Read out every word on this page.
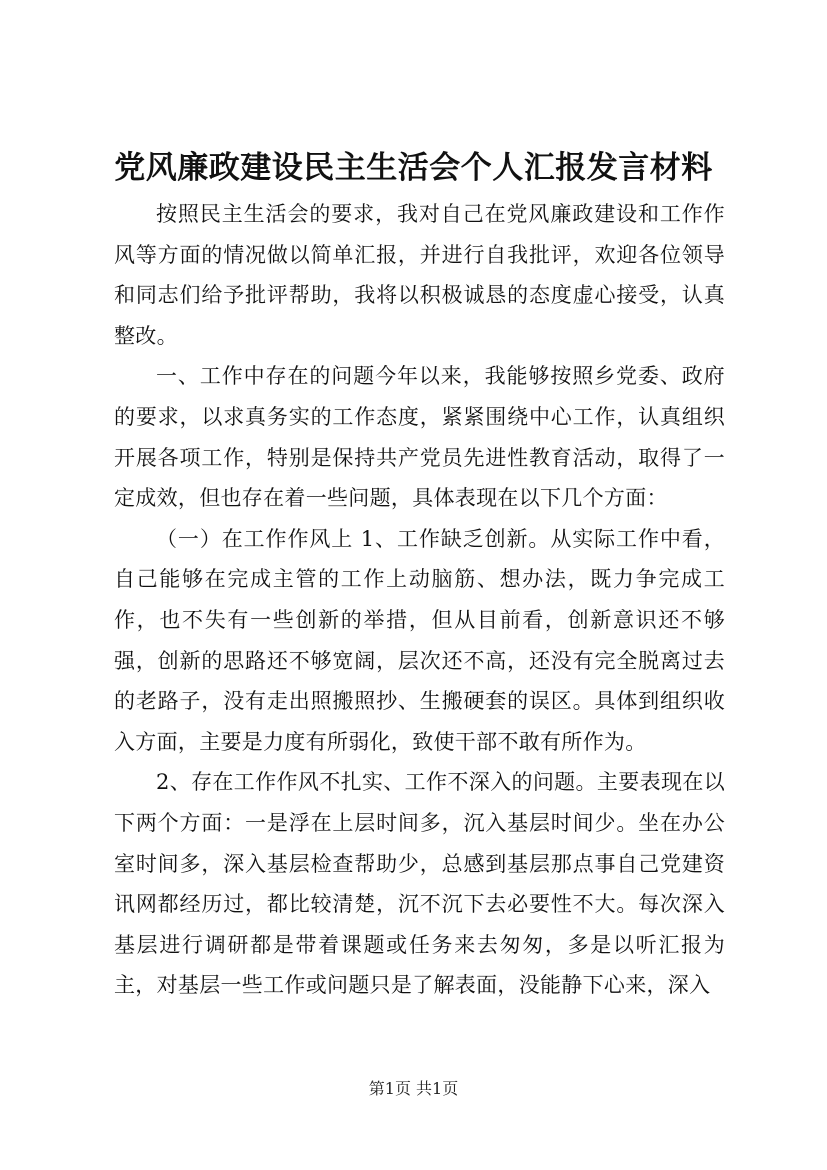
党风廉政建设民主生活会个人汇报发言材料

按照民主生活会的要求，我对自己在党风廉政建设和工作作风等方面的情况做以简单汇报，并进行自我批评，欢迎各位领导和同志们给予批评帮助，我将以积极诚恳的态度虚心接受，认真整改。

一、工作中存在的问题今年以来，我能够按照乡党委、政府的要求，以求真务实的工作态度，紧紧围绕中心工作，认真组织开展各项工作，特别是保持共产党员先进性教育活动，取得了一定成效，但也存在着一些问题，具体表现在以下几个方面：

（一）在工作作风上 1、工作缺乏创新。从实际工作中看，自己能够在完成主管的工作上动脑筋、想办法，既力争完成工作，也不失有一些创新的举措，但从目前看，创新意识还不够强，创新的思路还不够宽阔，层次还不高，还没有完全脱离过去的老路子，没有走出照搬照抄、生搬硬套的误区。具体到组织收入方面，主要是力度有所弱化，致使干部不敢有所作为。

2、存在工作作风不扎实、工作不深入的问题。主要表现在以下两个方面：一是浮在上层时间多，沉入基层时间少。坐在办公室时间多，深入基层检查帮助少，总感到基层那点事自己党建资讯网都经历过，都比较清楚，沉不沉下去必要性不大。每次深入基层进行调研都是带着课题或任务来去匆匆，多是以听汇报为主，对基层一些工作或问题只是了解表面，没能静下心来，深入

第1页 共1页
